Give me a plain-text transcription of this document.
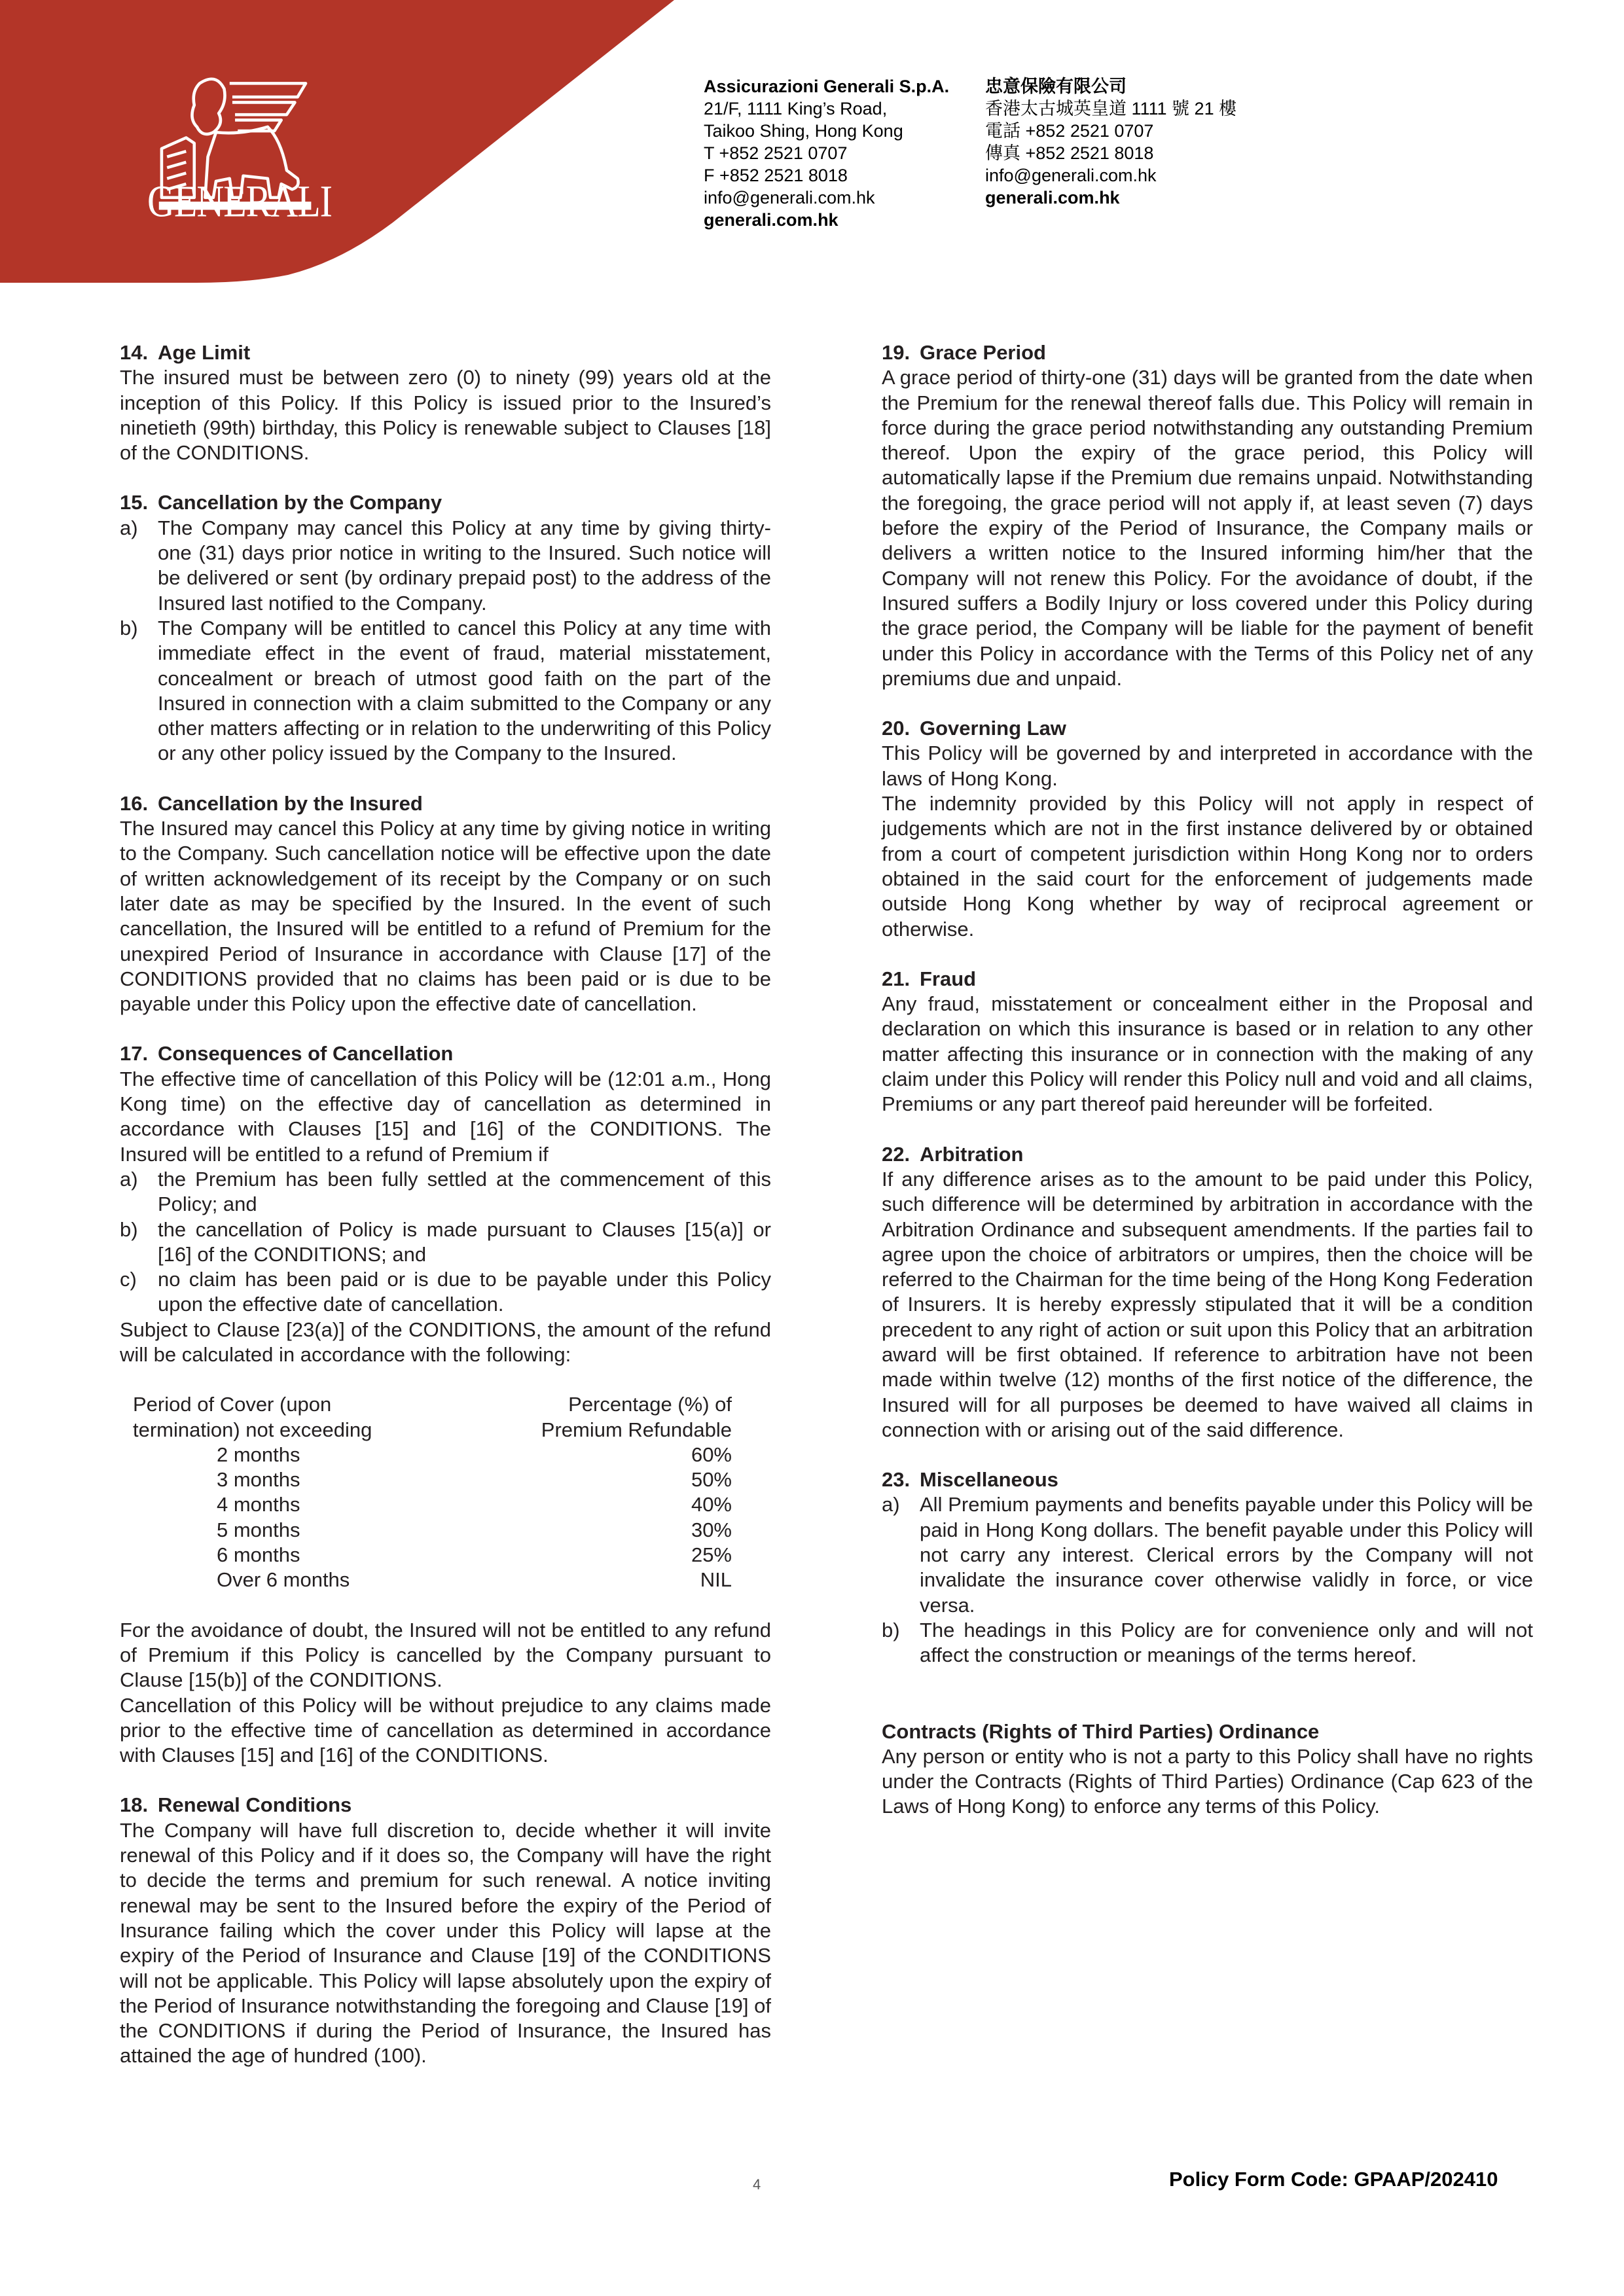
GENERALI
Assicurazioni Generali S.p.A.
21/F, 1111 King’s Road,
Taikoo Shing, Hong Kong
T +852 2521 0707
F +852 2521 8018
info@generali.com.hk
generali.com.hk
忠意保險有限公司
香港太古城英皇道 1111 號 21 樓
電話 +852 2521 0707
傳真 +852 2521 8018
info@generali.com.hk
generali.com.hk
14. Age Limit

The insured must be between zero (0) to ninety (99) years old at the inception of this Policy. If this Policy is issued prior to the Insured’s ninetieth (99th) birthday, this Policy is renewable subject to Clauses [18] of the CONDITIONS.

15. Cancellation by the Company
a) The Company may cancel this Policy at any time by giving thirty-one (31) days prior notice in writing to the Insured. Such notice will be delivered or sent (by ordinary prepaid post) to the address of the Insured last notified to the Company.
b) The Company will be entitled to cancel this Policy at any time with immediate effect in the event of fraud, material misstatement, concealment or breach of utmost good faith on the part of the Insured in connection with a claim submitted to the Company or any other matters affecting or in relation to the underwriting of this Policy or any other policy issued by the Company to the Insured.
16. Cancellation by the Insured

The Insured may cancel this Policy at any time by giving notice in writing to the Company. Such cancellation notice will be effective upon the date of written acknowledgement of its receipt by the Company or on such later date as may be specified by the Insured. In the event of such cancellation, the Insured will be entitled to a refund of Premium for the unexpired Period of Insurance in accordance with Clause [17] of the CONDITIONS provided that no claims has been paid or is due to be payable under this Policy upon the effective date of cancellation.

17. Consequences of Cancellation

The effective time of cancellation of this Policy will be (12:01 a.m., Hong Kong time) on the effective day of cancellation as determined in accordance with Clauses [15] and [16] of the CONDITIONS. The Insured will be entitled to a refund of Premium if

a) the Premium has been fully settled at the commencement of this Policy; and
b) the cancellation of Policy is made pursuant to Clauses [15(a)] or [16] of the CONDITIONS; and
c)	no claim has been paid or is due to be payable under this Policy upon the effective date of cancellation.

Subject to Clause [23(a)] of the CONDITIONS, the amount of the refund will be calculated in accordance with the following:

Period of Cover (upon	Percentage (%) of
termination) not exceeding	Premium Refundable
2 months	60%
3 months	50%
4 months	40%
5 months	30%
6 months	25%
Over 6 months	NIL

For the avoidance of doubt, the Insured will not be entitled to any refund of Premium if this Policy is cancelled by the Company pursuant to Clause [15(b)] of the CONDITIONS.

Cancellation of this Policy will be without prejudice to any claims made prior to the effective time of cancellation as determined in accordance with Clauses [15] and [16] of the CONDITIONS.

18. Renewal Conditions

The Company will have full discretion to, decide whether it will invite renewal of this Policy and if it does so, the Company will have the right to decide the terms and premium for such renewal. A notice inviting renewal may be sent to the Insured before the expiry of the Period of Insurance failing which the cover under this Policy will lapse at the expiry of the Period of Insurance and Clause [19] of the CONDITIONS will not be applicable. This Policy will lapse absolutely upon the expiry of the Period of Insurance notwithstanding the foregoing and Clause [19] of the CONDITIONS if during the Period of Insurance, the Insured has attained the age of hundred (100).

19. Grace Period

A grace period of thirty-one (31) days will be granted from the date when the Premium for the renewal thereof falls due. This Policy will remain in force during the grace period notwithstanding any outstanding Premium thereof. Upon the expiry of the grace period, this Policy will automatically lapse if the Premium due remains unpaid. Notwithstanding the foregoing, the grace period will not apply if, at least seven (7) days before the expiry of the Period of Insurance, the Company mails or delivers a written notice to the Insured informing him/her that the Company will not renew this Policy. For the avoidance of doubt, if the Insured suffers a Bodily Injury or loss covered under this Policy during the grace period, the Company will be liable for the payment of benefit under this Policy in accordance with the Terms of this Policy net of any premiums due and unpaid.

20. Governing Law

This Policy will be governed by and interpreted in accordance with the laws of Hong Kong.

The indemnity provided by this Policy will not apply in respect of judgements which are not in the first instance delivered by or obtained from a court of competent jurisdiction within Hong Kong nor to orders obtained in the said court for the enforcement of judgements made outside Hong Kong whether by way of reciprocal agreement or otherwise.

21. Fraud

Any fraud, misstatement or concealment either in the Proposal and declaration on which this insurance is based or in relation to any other matter affecting this insurance or in connection with the making of any claim under this Policy will render this Policy null and void and all claims, Premiums or any part thereof paid hereunder will be forfeited.

22. Arbitration

If any difference arises as to the amount to be paid under this Policy, such difference will be determined by arbitration in accordance with the Arbitration Ordinance and subsequent amendments. If the parties fail to agree upon the choice of arbitrators or umpires, then the choice will be referred to the Chairman for the time being of the Hong Kong Federation of Insurers. It is hereby expressly stipulated that it will be a condition precedent to any right of action or suit upon this Policy that an arbitration award will be first obtained. If reference to arbitration have not been made within twelve (12) months of the first notice of the difference, the Insured will for all purposes be deemed to have waived all claims in connection with or arising out of the said difference.

23. Miscellaneous
a) All Premium payments and benefits payable under this Policy will be paid in Hong Kong dollars. The benefit payable under this Policy will not carry any interest. Clerical errors by the Company will not invalidate the insurance cover otherwise validly in force, or vice versa.
b) The headings in this Policy are for convenience only and will not affect the construction or meanings of the terms hereof.
Contracts (Rights of Third Parties) Ordinance

Any person or entity who is not a party to this Policy shall have no rights under the Contracts (Rights of Third Parties) Ordinance (Cap 623 of the Laws of Hong Kong) to enforce any terms of this Policy.

4	Policy Form Code: GPAAP/202410
